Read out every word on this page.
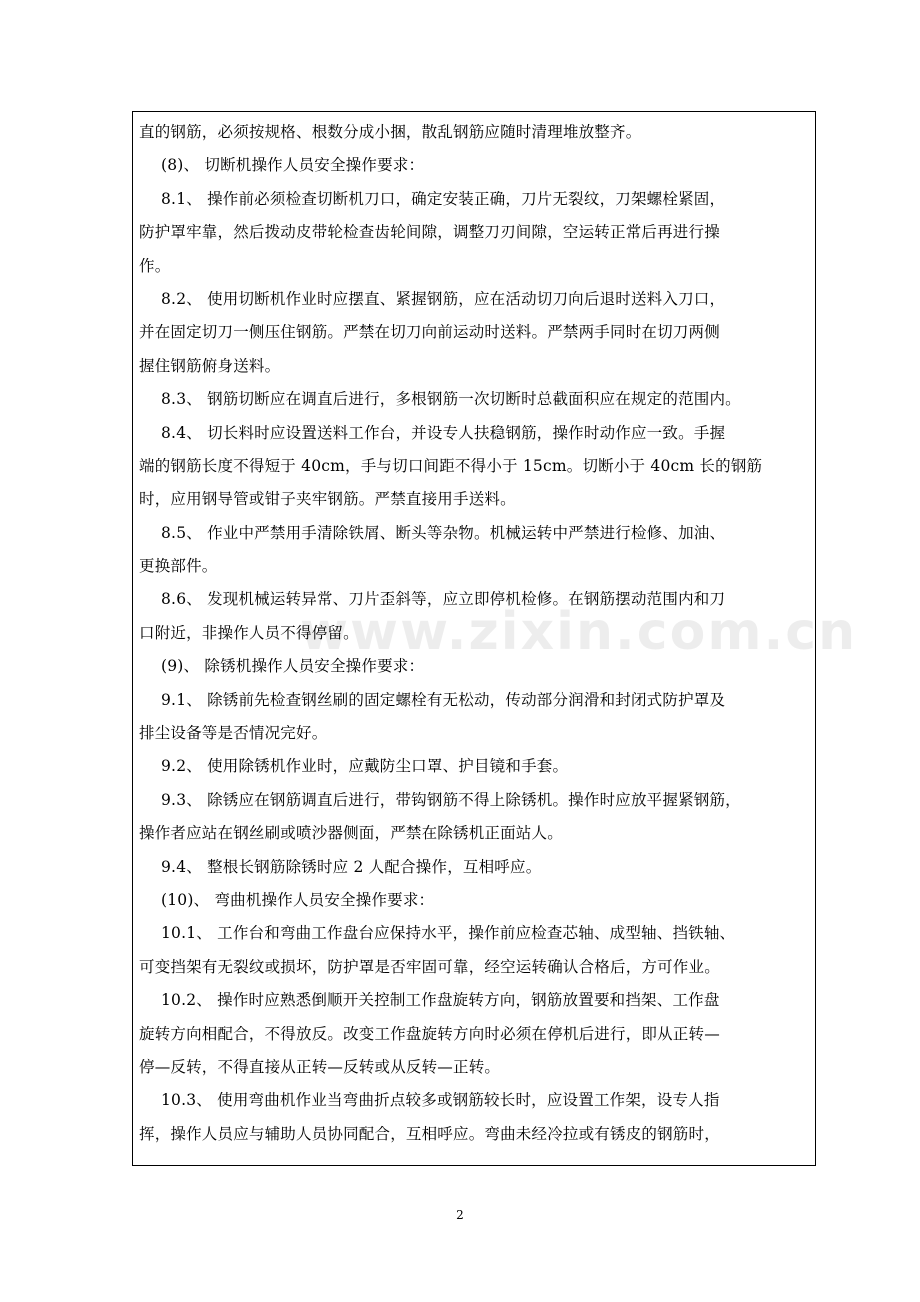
直的钢筋，必须按规格、根数分成小捆，散乱钢筋应随时清理堆放整齐。
(8)、 切断机操作人员安全操作要求：
8.1、 操作前必须检查切断机刀口，确定安装正确，刀片无裂纹，刀架螺栓紧固，
防护罩牢靠，然后拨动皮带轮检查齿轮间隙，调整刀刃间隙，空运转正常后再进行操
作。
8.2、 使用切断机作业时应摆直、紧握钢筋，应在活动切刀向后退时送料入刀口，
并在固定切刀一侧压住钢筋。严禁在切刀向前运动时送料。严禁两手同时在切刀两侧
握住钢筋俯身送料。
8.3、 钢筋切断应在调直后进行，多根钢筋一次切断时总截面积应在规定的范围内。
8.4、 切长料时应设置送料工作台，并设专人扶稳钢筋，操作时动作应一致。手握
端的钢筋长度不得短于 40cm，手与切口间距不得小于 15cm。切断小于 40cm 长的钢筋
时，应用钢导管或钳子夹牢钢筋。严禁直接用手送料。
8.5、 作业中严禁用手清除铁屑、断头等杂物。机械运转中严禁进行检修、加油、
更换部件。
8.6、 发现机械运转异常、刀片歪斜等，应立即停机检修。在钢筋摆动范围内和刀
口附近，非操作人员不得停留。
(9)、 除锈机操作人员安全操作要求：
9.1、 除锈前先检查钢丝刷的固定螺栓有无松动，传动部分润滑和封闭式防护罩及
排尘设备等是否情况完好。
9.2、 使用除锈机作业时，应戴防尘口罩、护目镜和手套。
9.3、 除锈应在钢筋调直后进行，带钩钢筋不得上除锈机。操作时应放平握紧钢筋，
操作者应站在钢丝刷或喷沙器侧面，严禁在除锈机正面站人。
9.4、 整根长钢筋除锈时应 2 人配合操作，互相呼应。
(10)、 弯曲机操作人员安全操作要求：
10.1、 工作台和弯曲工作盘台应保持水平，操作前应检查芯轴、成型轴、挡铁轴、
可变挡架有无裂纹或损坏，防护罩是否牢固可靠，经空运转确认合格后，方可作业。
10.2、 操作时应熟悉倒顺开关控制工作盘旋转方向，钢筋放置要和挡架、工作盘
旋转方向相配合，不得放反。改变工作盘旋转方向时必须在停机后进行，即从正转—
停—反转，不得直接从正转—反转或从反转—正转。
10.3、 使用弯曲机作业当弯曲折点较多或钢筋较长时，应设置工作架，设专人指
挥，操作人员应与辅助人员协同配合，互相呼应。弯曲未经冷拉或有锈皮的钢筋时，
www.zixin.com.cn
2
